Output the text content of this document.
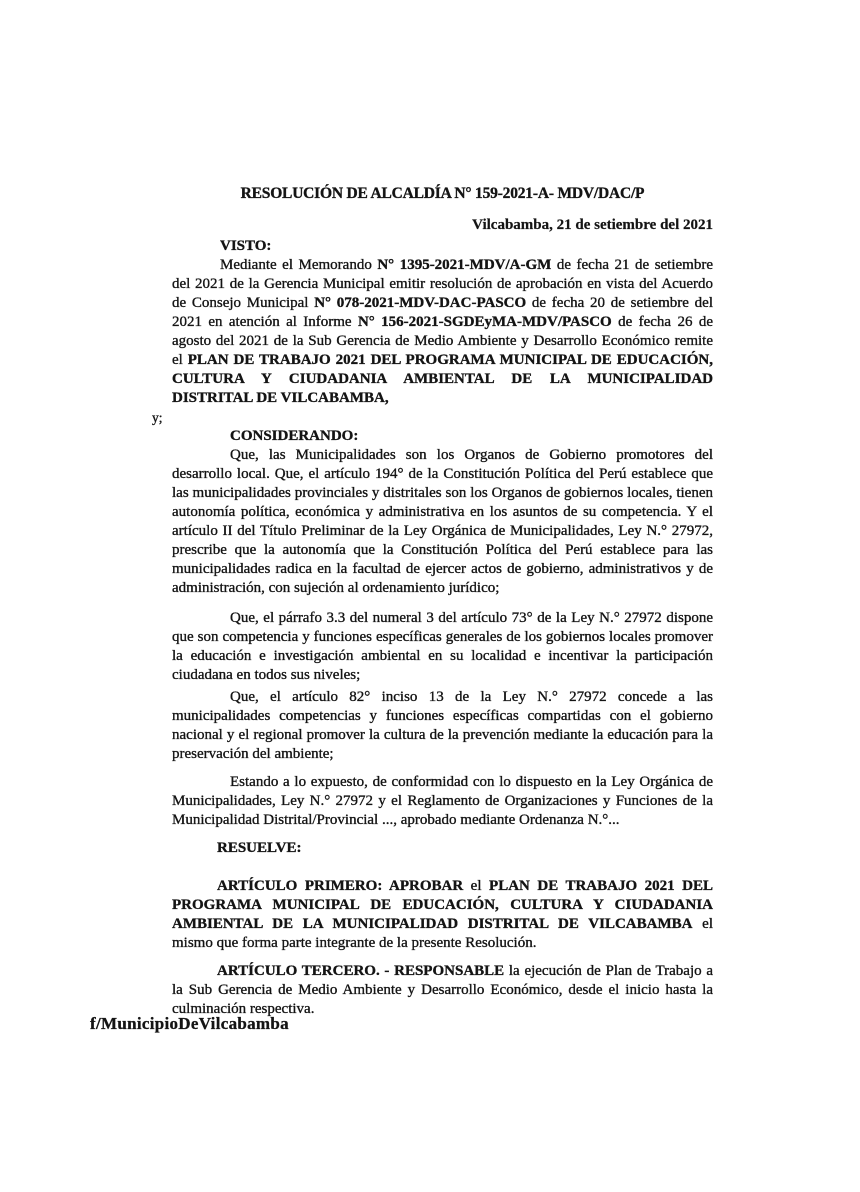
RESOLUCIÓN DE ALCALDÍA N° 159-2021-A- MDV/DAC/P
Vilcabamba, 21 de setiembre del 2021
VISTO:
Mediante el Memorando N° 1395-2021-MDV/A-GM de fecha 21 de setiembre del 2021 de la Gerencia Municipal emitir resolución de aprobación en vista del Acuerdo de Consejo Municipal N° 078-2021-MDV-DAC-PASCO de fecha 20 de setiembre del 2021 en atención al Informe N° 156-2021-SGDEyMA-MDV/PASCO de fecha 26 de agosto del 2021 de la Sub Gerencia de Medio Ambiente y Desarrollo Económico remite el PLAN DE TRABAJO 2021 DEL PROGRAMA MUNICIPAL DE EDUCACIÓN, CULTURA Y CIUDADANIA AMBIENTAL DE LA MUNICIPALIDAD DISTRITAL DE VILCABAMBA,
y;
CONSIDERANDO:
Que, las Municipalidades son los Organos de Gobierno promotores del desarrollo local. Que, el artículo 194° de la Constitución Política del Perú establece que las municipalidades provinciales y distritales son los Organos de gobiernos locales, tienen autonomía política, económica y administrativa en los asuntos de su competencia. Y el artículo II del Título Preliminar de la Ley Orgánica de Municipalidades, Ley N.° 27972, prescribe que la autonomía que la Constitución Política del Perú establece para las municipalidades radica en la facultad de ejercer actos de gobierno, administrativos y de administración, con sujeción al ordenamiento jurídico;
Que, el párrafo 3.3 del numeral 3 del artículo 73° de la Ley N.° 27972 dispone que son competencia y funciones específicas generales de los gobiernos locales promover la educación e investigación ambiental en su localidad e incentivar la participación ciudadana en todos sus niveles;
Que, el artículo 82° inciso 13 de la Ley N.° 27972 concede a las municipalidades competencias y funciones específicas compartidas con el gobierno nacional y el regional promover la cultura de la prevención mediante la educación para la preservación del ambiente;
Estando a lo expuesto, de conformidad con lo dispuesto en la Ley Orgánica de Municipalidades, Ley N.° 27972 y el Reglamento de Organizaciones y Funciones de la Municipalidad Distrital/Provincial ..., aprobado mediante Ordenanza N.°...
RESUELVE:
ARTÍCULO PRIMERO: APROBAR el PLAN DE TRABAJO 2021 DEL PROGRAMA MUNICIPAL DE EDUCACIÓN, CULTURA Y CIUDADANIA AMBIENTAL DE LA MUNICIPALIDAD DISTRITAL DE VILCABAMBA el mismo que forma parte integrante de la presente Resolución.
ARTÍCULO TERCERO. - RESPONSABLE la ejecución de Plan de Trabajo a la Sub Gerencia de Medio Ambiente y Desarrollo Económico, desde el inicio hasta la culminación respectiva.
f/MunicipioDeVilcabamba
